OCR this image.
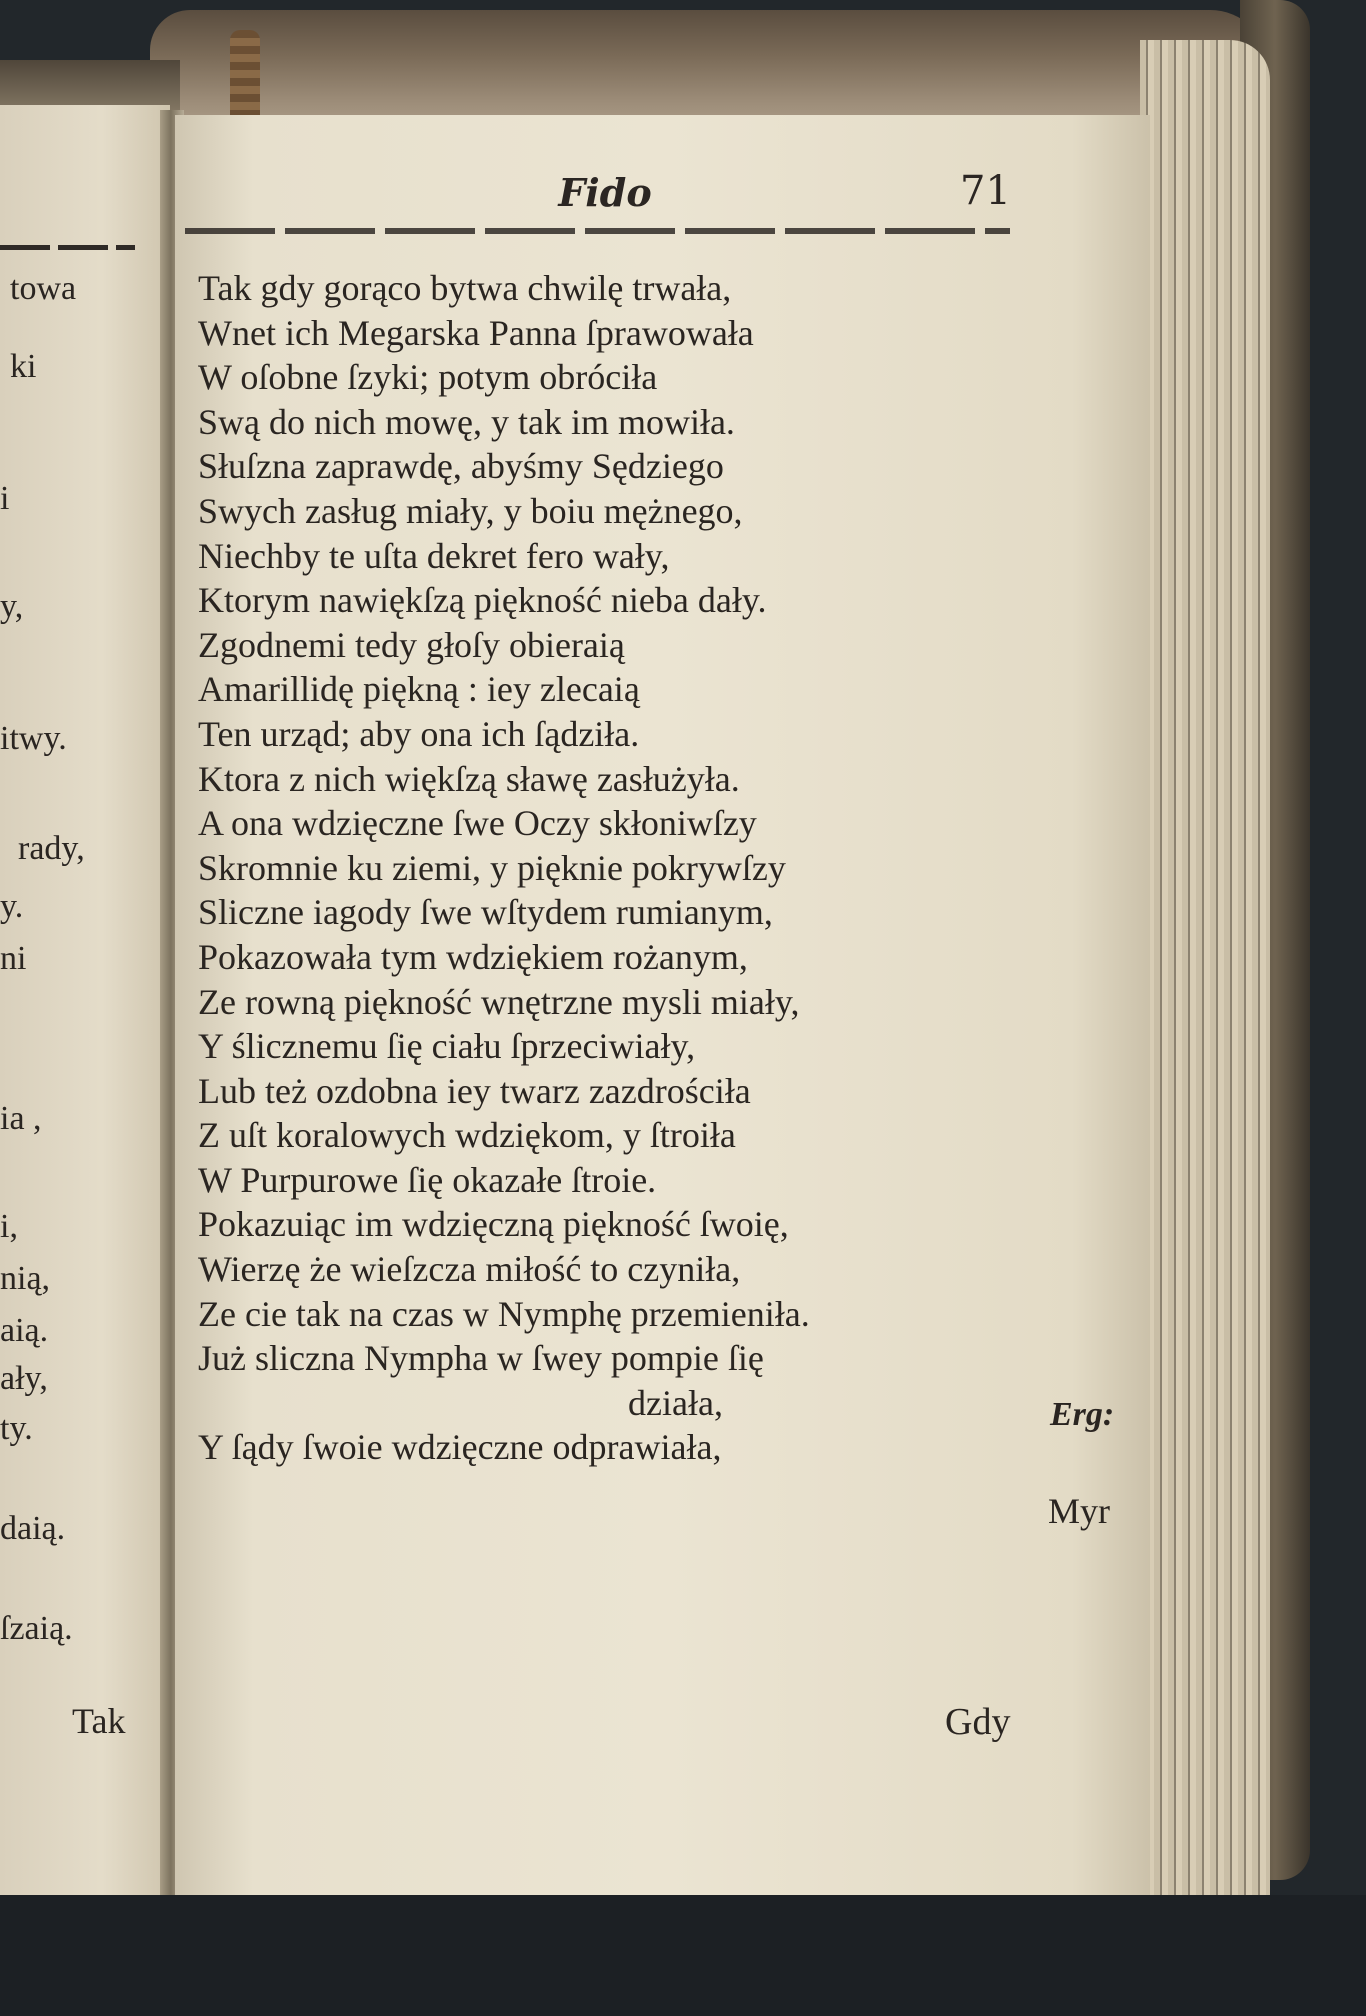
towa
ki
i
y,
itwy.
rady,
y.
ni
ia ,
i,
nią,
aią.
ały,
ty.
daią.
ſzaią.
Tak
Fido	71
Tak gdy gorąco bytwa chwilę trwała,
Wnet ich Megarska Panna ſprawowała
W oſobne ſzyki; potym obróciła
Swą do nich mowę, y tak im mowiła.
Słuſzna zaprawdę, abyśmy Sędziego
Swych zasług miały, y boiu mężnego,
Niechby te uſta dekret fero wały,
Ktorym nawiękſzą piękność nieba dały.
Zgodnemi tedy głoſy obieraią
Amarillidę piękną : iey zlecaią
Ten urząd; aby ona ich ſądziła.
Ktora z nich więkſzą sławę zasłużyła.
A ona wdzięczne ſwe Oczy skłoniwſzy
Skromnie ku ziemi, y pięknie pokrywſzy
Sliczne iagody ſwe wſtydem rumianym,
Pokazowała tym wdziękiem rożanym,
Ze rowną piękność wnętrzne mysli miały,
Y ślicznemu ſię ciału ſprzeciwiały,
Lub też ozdobna iey twarz zazdrościła
Z uſt koralowych wdziękom, y ſtroiła
W Purpurowe ſię okazałe ſtroie.
Pokazuiąc im wdzięczną piękność ſwoię,
Wierzę że wieſzcza miłość to czyniła,
Ze cie tak na czas w Nymphę przemieniła.
Już sliczna Nympha w ſwey pompie ſię
działa,
Y ſądy ſwoie wdzięczne odprawiała,
Erg:
Myr
Gdy
